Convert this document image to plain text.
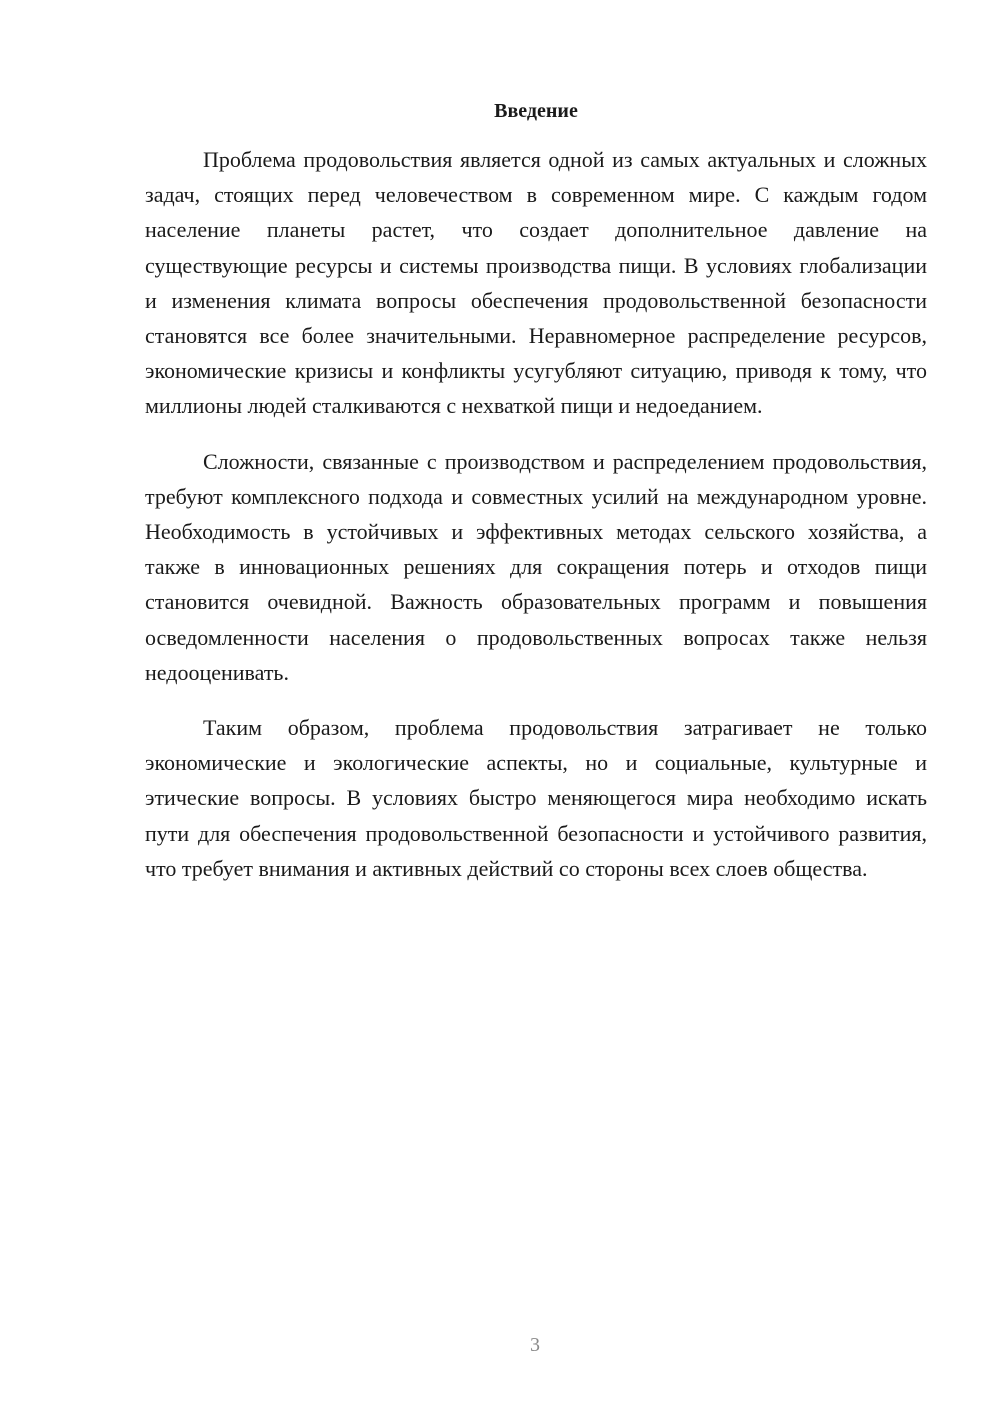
Введение

Проблема продовольствия является одной из самых актуальных и сложных задач, стоящих перед человечеством в современном мире. С каждым годом население планеты растет, что создает дополнительное давление на существующие ресурсы и системы производства пищи. В условиях глобализации и изменения климата вопросы обеспечения продовольственной безопасности становятся все более значительными. Неравномерное распределение ресурсов, экономические кризисы и конфликты усугубляют ситуацию, приводя к тому, что миллионы людей сталкиваются с нехваткой пищи и недоеданием.

Сложности, связанные с производством и распределением продовольствия, требуют комплексного подхода и совместных усилий на международном уровне. Необходимость в устойчивых и эффективных методах сельского хозяйства, а также в инновационных решениях для сокращения потерь и отходов пищи становится очевидной. Важность образовательных программ и повышения осведомленности населения о продовольственных вопросах также нельзя недооценивать.

Таким образом, проблема продовольствия затрагивает не только экономические и экологические аспекты, но и социальные, культурные и этические вопросы. В условиях быстро меняющегося мира необходимо искать пути для обеспечения продовольственной безопасности и устойчивого развития, что требует внимания и активных действий со стороны всех слоев общества.

3
